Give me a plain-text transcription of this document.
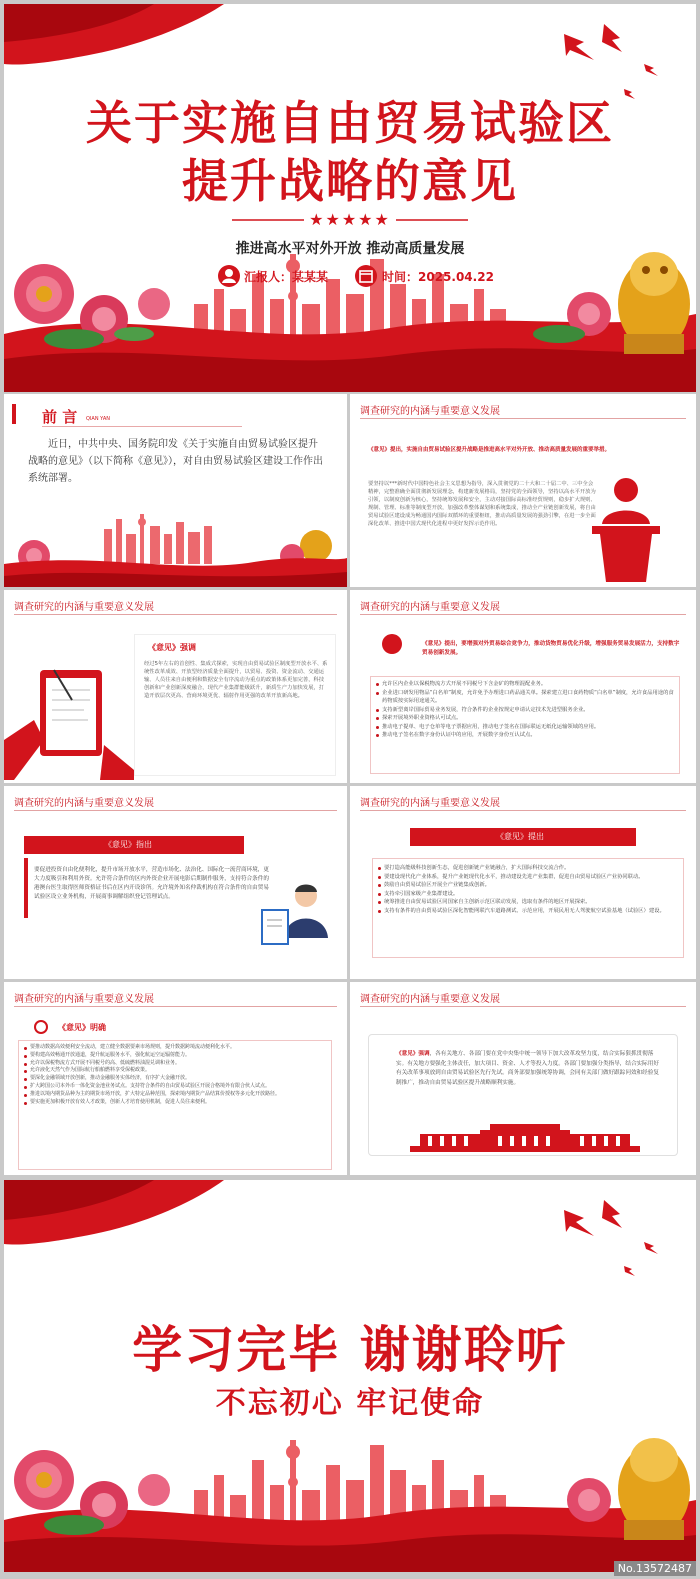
关于实施自由贸易试验区
提升战略的意见
★★★★★
推进高水平对外开放 推动高质量发展
汇报人：某某某	时间：2025.04.22
前 言 QIAN YAN
近日，中共中央、国务院印发《关于实施自由贸易试验区提升战略的意见》（以下简称《意见》），对自由贸易试验区建设工作作出系统部署。
调查研究的内涵与重要意义发展
《意见》提出，实施自由贸易试验区提升战略是推进高水平对外开放、推动高质量发展的重要举措。
要坚持以***新时代中国特色社会主义思想为指导，深入贯彻党的二十大和二十届二中、三中全会精神，完整准确全面贯彻新发展理念，构建新发展格局，坚持党的全面领导，坚持以高水平开放为引领，以制度创新为核心，坚持统筹发展和安全，主动对接国际高标准经贸规则，稳步扩大规则、规制、管理、标准等制度型开放，加强改革整体谋划和系统集成，推动全产业链创新发展，将自由贸易试验区建设成为畅通国内国际双循环的重要枢纽，推动高质量发展的强劲引擎，在进一步全面深化改革、推进中国式现代化进程中更好发挥示范作用。
调查研究的内涵与重要意义发展
《意见》强调
经过5年左右的首创性、集成式探索，实现自由贸易试验区制度型开放水平、系统性改革成效、开放型经济质量全面提升，以贸易、投资、资金流动、交通运输、人员往来自由便利和数据安全有序流动为重点的政策体系更加完善，科技创新和产业创新深度融合，现代产业集群能级跃升，新质生产力加快发展，打造开放层次更高、营商环境更优、辐射作用更强的改革开放新高地。
调查研究的内涵与重要意义发展
《意见》提出，要增强对外贸易综合竞争力，推动货物贸易优化升级，增强服务贸易发展活力，支持数字贸易创新发展。
允许区内企业以保税物流方式开展不同税号下含金矿的物理混配业务。
企业进口研发用物品“白名单”制度，允许免予办理进口药品通关单。探索建立进口食药物质“白名单”制度，允许食品用途的食药物质按实际用途通关。
支持新型离岸国际贸易业务发展，符合条件的企业按规定申请认定技术先进型服务企业。
探索开展境外职业资格认可试点。
推动电子提单、电子仓单等电子票据应用，推动电子签名在国际联运无纸化运输领域的应用。
推动电子签名在数字身份认证中的应用，开展数字身份互认试点。
调查研究的内涵与重要意义发展
《意见》指出
要促进投资自由化便利化，提升市场开放水平，营造市场化、法治化、国际化一流营商环境，更大力度吸引和利用外资。允许符合条件的区内外资企业开展电影后期制作服务，支持符合条件的港澳台医生取得医师资格证书后在区内开设诊所。允许境外知名仲裁机构在符合条件的自由贸易试验区设立业务机构，开展商事调解组织登记管理试点。
调查研究的内涵与重要意义发展
《意见》提出
要打造高能级科技创新生态，促进创新链产业链融合，扩大国际科技交流合作。
要建设现代化产业体系，提升产业链现代化水平，推动建设先进产业集群，促进自由贸易试验区产业协同联动。
鼓励自由贸易试验区开展全产业链集成创新。
支持牵引国家级产业集群建设。
统筹推进自由贸易试验区同国家自主创新示范区联动发展，选取有条件的地区开展探索。
支持有条件的自由贸易试验区深化智能网联汽车道路测试、示范应用，开展民用无人驾驶航空试验基地（试验区）建设。
调查研究的内涵与重要意义发展
《意见》明确
要推动数据高效便利安全流动，建立健全数据要素市场规则，提升数据跨境流动便利化水平。
要构建高效畅通开放通道，提升航运服务水平，强化航运空运辐射能力。
允许以保税物流方式开展不同税号的高、低硫燃料油混兑调和业务。
允许液化天然气作为国际航行船舶燃料享受保税政策。
要深化金融领域开放创新，推动金融服务实体经济，有序扩大金融开放。
扩大跨国公司本外币一体化资金池业务试点。支持符合条件的自由贸易试验区开展合格境外有限合伙人试点。
推进以境内期货品种为主的期货市场开放，扩大特定品种范围，探索境内期货产品结算价授权等多元化开放路径。
要实施更加积极开放有效人才政策，创新人才培育使用机制，促进人员往来便利。
调查研究的内涵与重要意义发展
《意见》强调，各有关地方、各部门要在党中央集中统一领导下加大改革攻坚力度，结合实际狠抓贯彻落实。有关地方要强化主体责任，加大项目、资金、人才等投入力度。各部门要加强分类指导，结合实际用好有关改革事项放到自由贸易试验区先行先试。商务部要加强统筹协调，会同有关部门做好跟踪问效和经验复制推广，推动自由贸易试验区提升战略顺利实施。
学习完毕 谢谢聆听
不忘初心 牢记使命
No.13572487
